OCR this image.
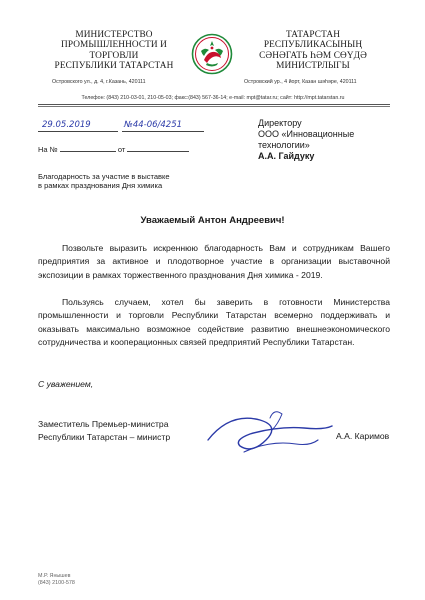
МИНИСТЕРСТВО
ПРОМЫШЛЕННОСТИ И
ТОРГОВЛИ
РЕСПУБЛИКИ ТАТАРСТАН
Островского ул., д. 4, г.Казань, 420111
ТАТАРСТАН
РЕСПУБЛИКАСЫНЫҢ
СӘНӘГАТЬ ҺӘМ СӨҮДӘ
МИНИСТРЛЫГЫ
Островский ур., 4 йорт, Казан шәһәре, 420111
Телефон: (843) 210-03-01, 210-05-03; факс:(843) 567-36-14; e-mail: mpt@tatar.ru; сайт: http://mpt.tatarstan.ru

29.05.2019	№44-06/4251
На №	от
Благодарность за участие в выставке
в рамках празднования Дня химика
Директору
ООО «Инновационные
технологии»
А.А. Гайдуку
Уважаемый Антон Андреевич!
Позвольте выразить искреннюю благодарность Вам и сотрудникам Вашего предприятия за активное и плодотворное участие в организации выставочной экспозиции в рамках торжественного празднования Дня химика - 2019.
Пользуясь случаем, хотел бы заверить в готовности Министерства промышленности и торговли Республики Татарстан всемерно поддерживать и оказывать максимально возможное содействие развитию внешнеэкономического сотрудничества и кооперационных связей предприятий Республики Татарстан.
С уважением,
Заместитель Премьер-министра
Республики Татарстан – министр	А.А. Каримов
М.Р. Янышев
(843) 2100-578
